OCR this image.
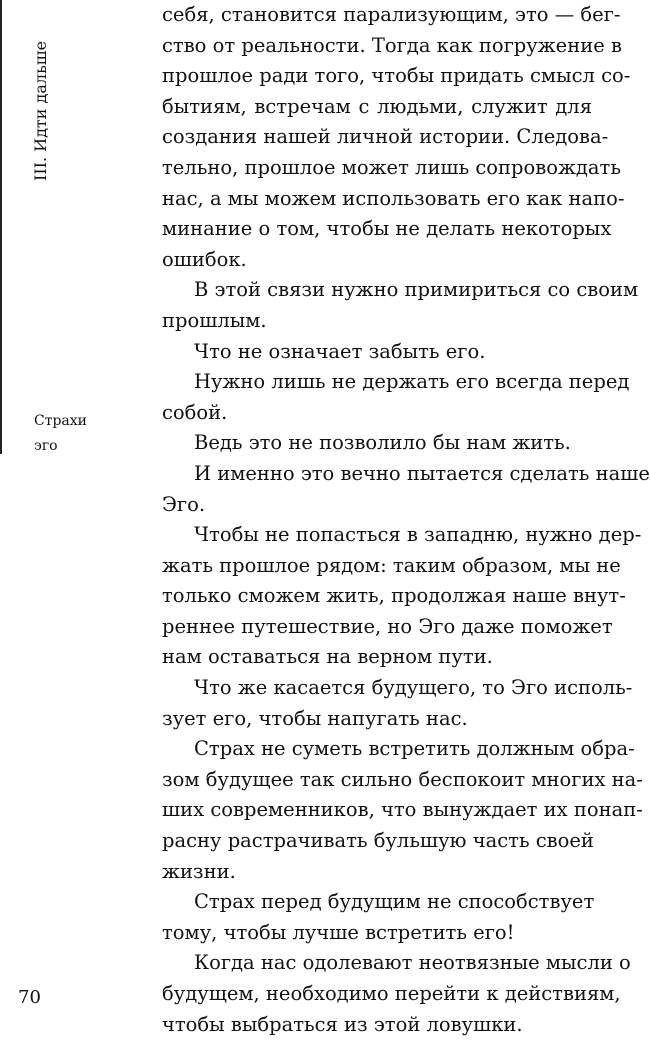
III. Идти дальше
Страхи
эго
себя, становится парализующим, это — бег-
ство от реальности. Тогда как погружение в
прошлое ради того, чтобы придать смысл со-
бытиям, встречам с людьми, служит для
создания нашей личной истории. Следова-
тельно, прошлое может лишь сопровождать
нас, а мы можем использовать его как напо-
минание о том, чтобы не делать некоторых
ошибок.
В этой связи нужно примириться со своим
прошлым.
Что не означает забыть его.
Нужно лишь не держать его всегда перед
собой.
Ведь это не позволило бы нам жить.
И именно это вечно пытается сделать наше
Эго.
Чтобы не попасться в западню, нужно дер-
жать прошлое рядом: таким образом, мы не
только сможем жить, продолжая наше внут-
реннее путешествие, но Эго даже поможет
нам оставаться на верном пути.
Что же касается будущего, то Эго исполь-
зует его, чтобы напугать нас.
Страх не суметь встретить должным обра-
зом будущее так сильно беспокоит многих на-
ших современников, что вынуждает их понап-
расну растрачивать бульшую часть своей
жизни.
Страх перед будущим не способствует
тому, чтобы лучше встретить его!
Когда нас одолевают неотвязные мысли о
будущем, необходимо перейти к действиям,
чтобы выбраться из этой ловушки.
70
